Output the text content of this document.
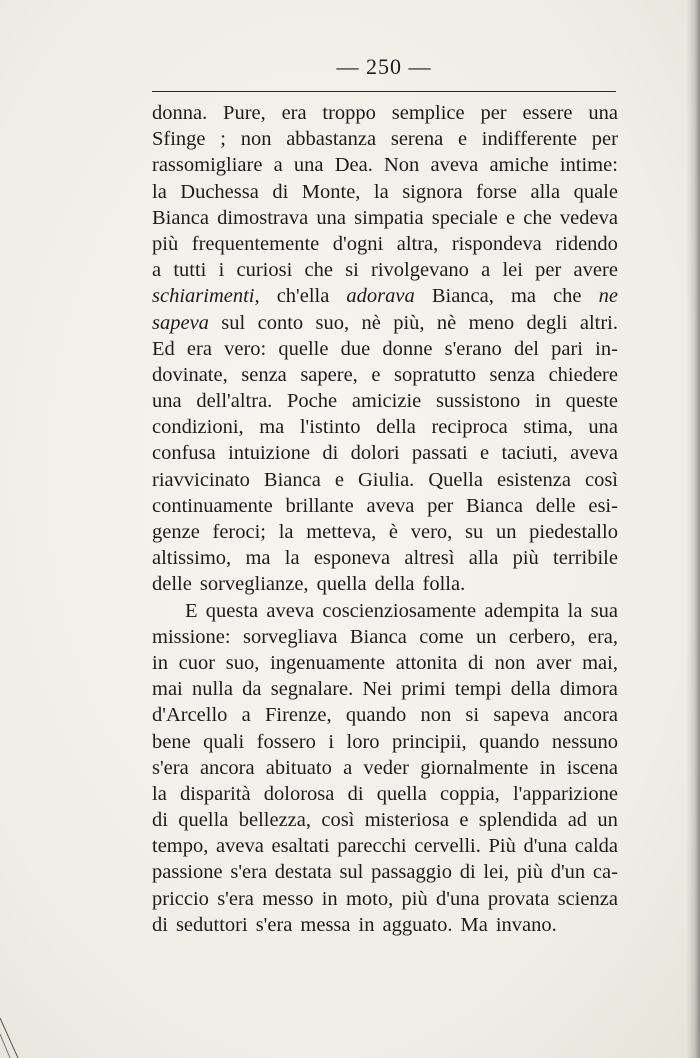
— 250 —
donna. Pure, era troppo semplice per essere una
Sfinge ; non abbastanza serena e indifferente per
rassomigliare a una Dea. Non aveva amiche intime:
la Duchessa di Monte, la signora forse alla quale
Bianca dimostrava una simpatia speciale e che vedeva
più frequentemente d'ogni altra, rispondeva ridendo
a tutti i curiosi che si rivolgevano a lei per avere
schiarimenti, ch'ella adorava Bianca, ma che ne
sapeva sul conto suo, nè più, nè meno degli altri.
Ed era vero: quelle due donne s'erano del pari in-
dovinate, senza sapere, e sopratutto senza chiedere
una dell'altra. Poche amicizie sussistono in queste
condizioni, ma l'istinto della reciproca stima, una
confusa intuizione di dolori passati e taciuti, aveva
riavvicinato Bianca e Giulia. Quella esistenza così
continuamente brillante aveva per Bianca delle esi-
genze feroci; la metteva, è vero, su un piedestallo
altissimo, ma la esponeva altresì alla più terribile
delle sorveglianze, quella della folla.
E questa aveva coscienziosamente adempita la sua
missione: sorvegliava Bianca come un cerbero, era,
in cuor suo, ingenuamente attonita di non aver mai,
mai nulla da segnalare. Nei primi tempi della dimora
d'Arcello a Firenze, quando non si sapeva ancora
bene quali fossero i loro principii, quando nessuno
s'era ancora abituato a veder giornalmente in iscena
la disparità dolorosa di quella coppia, l'apparizione
di quella bellezza, così misteriosa e splendida ad un
tempo, aveva esaltati parecchi cervelli. Più d'una calda
passione s'era destata sul passaggio di lei, più d'un ca-
priccio s'era messo in moto, più d'una provata scienza
di seduttori s'era messa in agguato. Ma invano.
